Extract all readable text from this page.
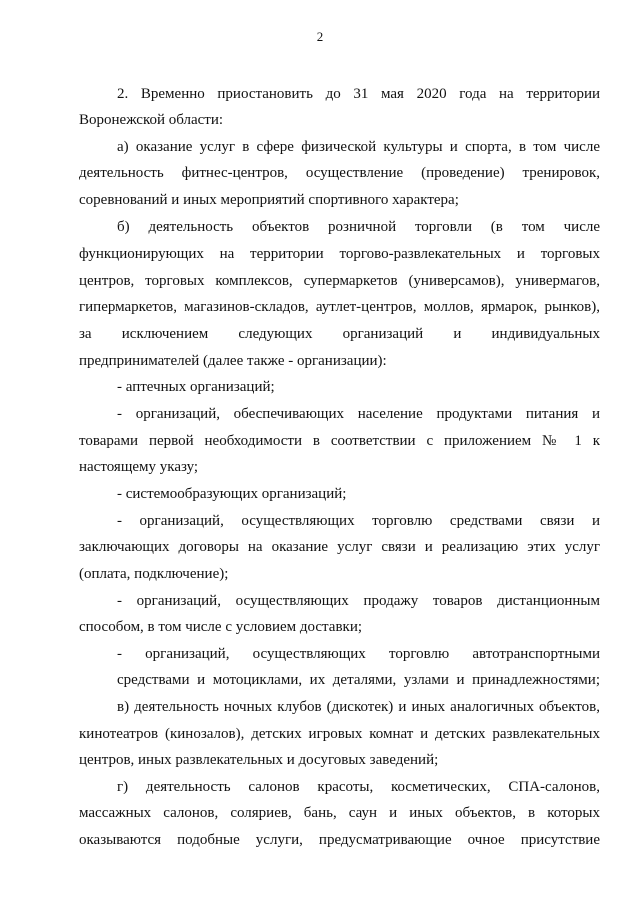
2
2. Временно приостановить до 31 мая 2020 года на территории
Воронежской области:
а) оказание услуг в сфере физической культуры и спорта, в том числе
деятельность фитнес-центров, осуществление (проведение) тренировок,
соревнований и иных мероприятий спортивного характера;
б) деятельность объектов розничной торговли (в том числе
функционирующих на территории торгово-развлекательных и торговых
центров, торговых комплексов, супермаркетов (универсамов), универмагов,
гипермаркетов, магазинов-складов, аутлет-центров, моллов, ярмарок, рынков),
за исключением следующих организаций и индивидуальных
предпринимателей (далее также - организации):
- аптечных организаций;
- организаций, обеспечивающих население продуктами питания и
товарами первой необходимости в соответствии с приложением № 1 к
настоящему указу;
- системообразующих организаций;
- организаций, осуществляющих торговлю средствами связи и
заключающих договоры на оказание услуг связи и реализацию этих услуг
(оплата, подключение);
- организаций, осуществляющих продажу товаров дистанционным
способом, в том числе с условием доставки;
- организаций, осуществляющих торговлю автотранспортными
средствами и мотоциклами, их деталями, узлами и принадлежностями;
в) деятельность ночных клубов (дискотек) и иных аналогичных объектов,
кинотеатров (кинозалов), детских игровых комнат и детских развлекательных
центров, иных развлекательных и досуговых заведений;
г) деятельность салонов красоты, косметических, СПА-салонов,
массажных салонов, соляриев, бань, саун и иных объектов, в которых
оказываются подобные услуги, предусматривающие очное присутствие
